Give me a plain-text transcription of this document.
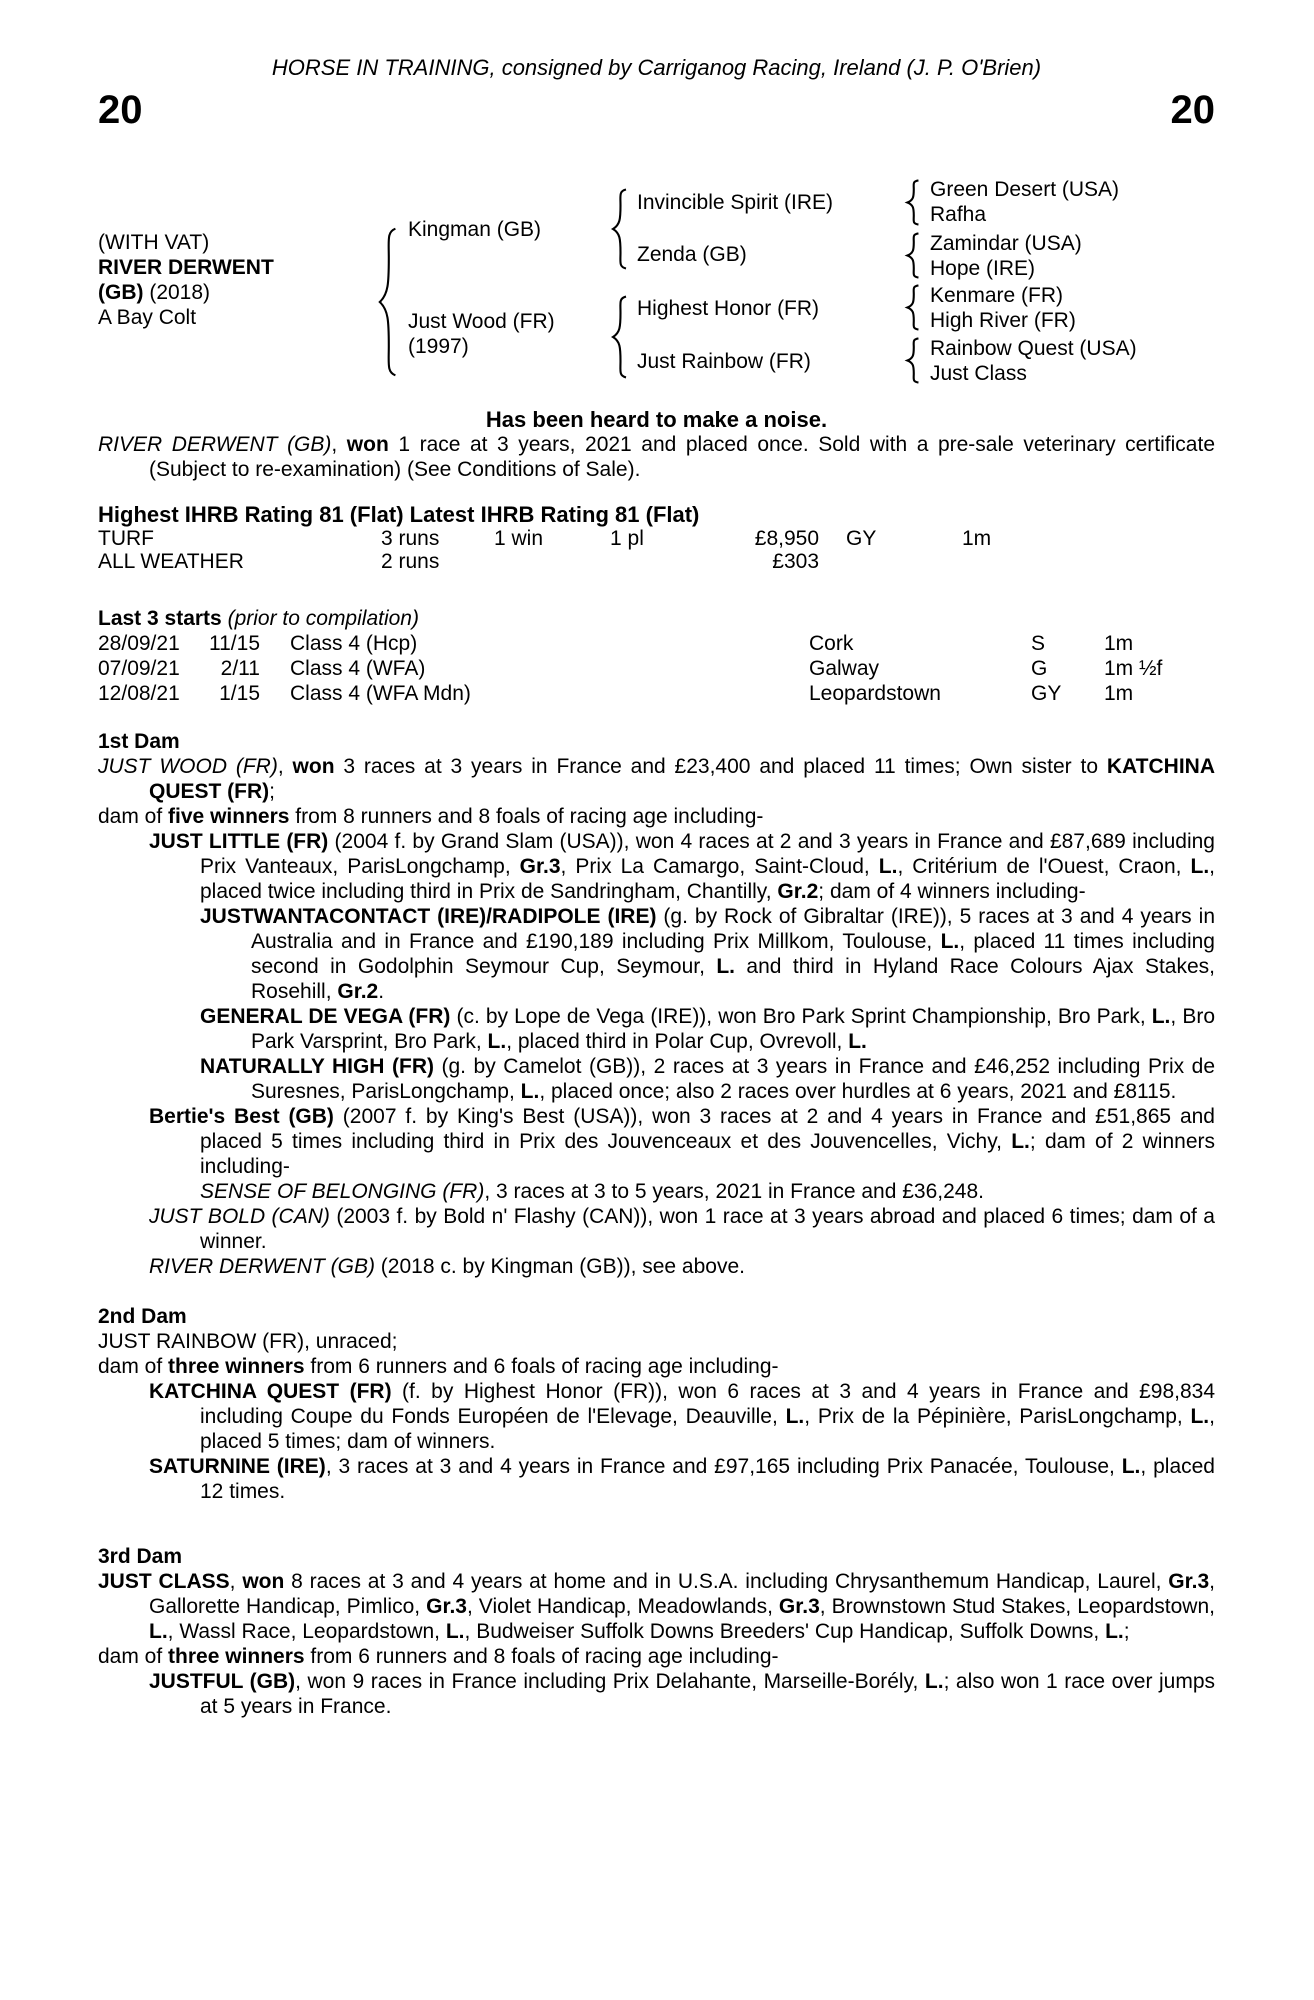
HORSE IN TRAINING, consigned by Carriganog Racing, Ireland (J. P. O'Brien)
20	20
(WITH VAT)
RIVER DERWENT
(GB) (2018)
A Bay Colt
Kingman (GB)
Just Wood (FR)
(1997)
Invincible Spirit (IRE)
Zenda (GB)
Highest Honor (FR)
Just Rainbow (FR)
Green Desert (USA)
Rafha
Zamindar (USA)
Hope (IRE)
Kenmare (FR)
High River (FR)
Rainbow Quest (USA)
Just Class
Has been heard to make a noise.
RIVER DERWENT (GB), won 1 race at 3 years, 2021 and placed once. Sold with a pre-sale veterinary certificate (Subject to re-examination) (See Conditions of Sale).
Highest IHRB Rating 81 (Flat) Latest IHRB Rating 81 (Flat)
TURF	3 runs	1 win	1 pl	£8,950	GY	1m
ALL WEATHER	2 runs	£303
Last 3 starts (prior to compilation)
28/09/21	11/15	Class 4 (Hcp)	Cork	S	1m
07/09/21	2/11	Class 4 (WFA)	Galway	G	1m ½f
12/08/21	1/15	Class 4 (WFA Mdn)	Leopardstown	GY	1m
1st Dam
JUST WOOD (FR), won 3 races at 3 years in France and £23,400 and placed 11 times; Own sister to KATCHINA QUEST (FR);
dam of five winners from 8 runners and 8 foals of racing age including-
JUST LITTLE (FR) (2004 f. by Grand Slam (USA)), won 4 races at 2 and 3 years in France and £87,689 including Prix Vanteaux, ParisLongchamp, Gr.3, Prix La Camargo, Saint-Cloud, L., Critérium de l'Ouest, Craon, L., placed twice including third in Prix de Sandringham, Chantilly, Gr.2; dam of 4 winners including-
JUSTWANTACONTACT (IRE)/RADIPOLE (IRE) (g. by Rock of Gibraltar (IRE)), 5 races at 3 and 4 years in Australia and in France and £190,189 including Prix Millkom, Toulouse, L., placed 11 times including second in Godolphin Seymour Cup, Seymour, L. and third in Hyland Race Colours Ajax Stakes, Rosehill, Gr.2.
GENERAL DE VEGA (FR) (c. by Lope de Vega (IRE)), won Bro Park Sprint Championship, Bro Park, L., Bro Park Varsprint, Bro Park, L., placed third in Polar Cup, Ovrevoll, L.
NATURALLY HIGH (FR) (g. by Camelot (GB)), 2 races at 3 years in France and £46,252 including Prix de Suresnes, ParisLongchamp, L., placed once; also 2 races over hurdles at 6 years, 2021 and £8115.
Bertie's Best (GB) (2007 f. by King's Best (USA)), won 3 races at 2 and 4 years in France and £51,865 and placed 5 times including third in Prix des Jouvenceaux et des Jouvencelles, Vichy, L.; dam of 2 winners including-
SENSE OF BELONGING (FR), 3 races at 3 to 5 years, 2021 in France and £36,248.
JUST BOLD (CAN) (2003 f. by Bold n' Flashy (CAN)), won 1 race at 3 years abroad and placed 6 times; dam of a winner.
RIVER DERWENT (GB) (2018 c. by Kingman (GB)), see above.
2nd Dam
JUST RAINBOW (FR), unraced;
dam of three winners from 6 runners and 6 foals of racing age including-
KATCHINA QUEST (FR) (f. by Highest Honor (FR)), won 6 races at 3 and 4 years in France and £98,834 including Coupe du Fonds Européen de l'Elevage, Deauville, L., Prix de la Pépinière, ParisLongchamp, L., placed 5 times; dam of winners.
SATURNINE (IRE), 3 races at 3 and 4 years in France and £97,165 including Prix Panacée, Toulouse, L., placed 12 times.
3rd Dam
JUST CLASS, won 8 races at 3 and 4 years at home and in U.S.A. including Chrysanthemum Handicap, Laurel, Gr.3, Gallorette Handicap, Pimlico, Gr.3, Violet Handicap, Meadowlands, Gr.3, Brownstown Stud Stakes, Leopardstown, L., Wassl Race, Leopardstown, L., Budweiser Suffolk Downs Breeders' Cup Handicap, Suffolk Downs, L.;
dam of three winners from 6 runners and 8 foals of racing age including-
JUSTFUL (GB), won 9 races in France including Prix Delahante, Marseille-Borély, L.; also won 1 race over jumps at 5 years in France.
